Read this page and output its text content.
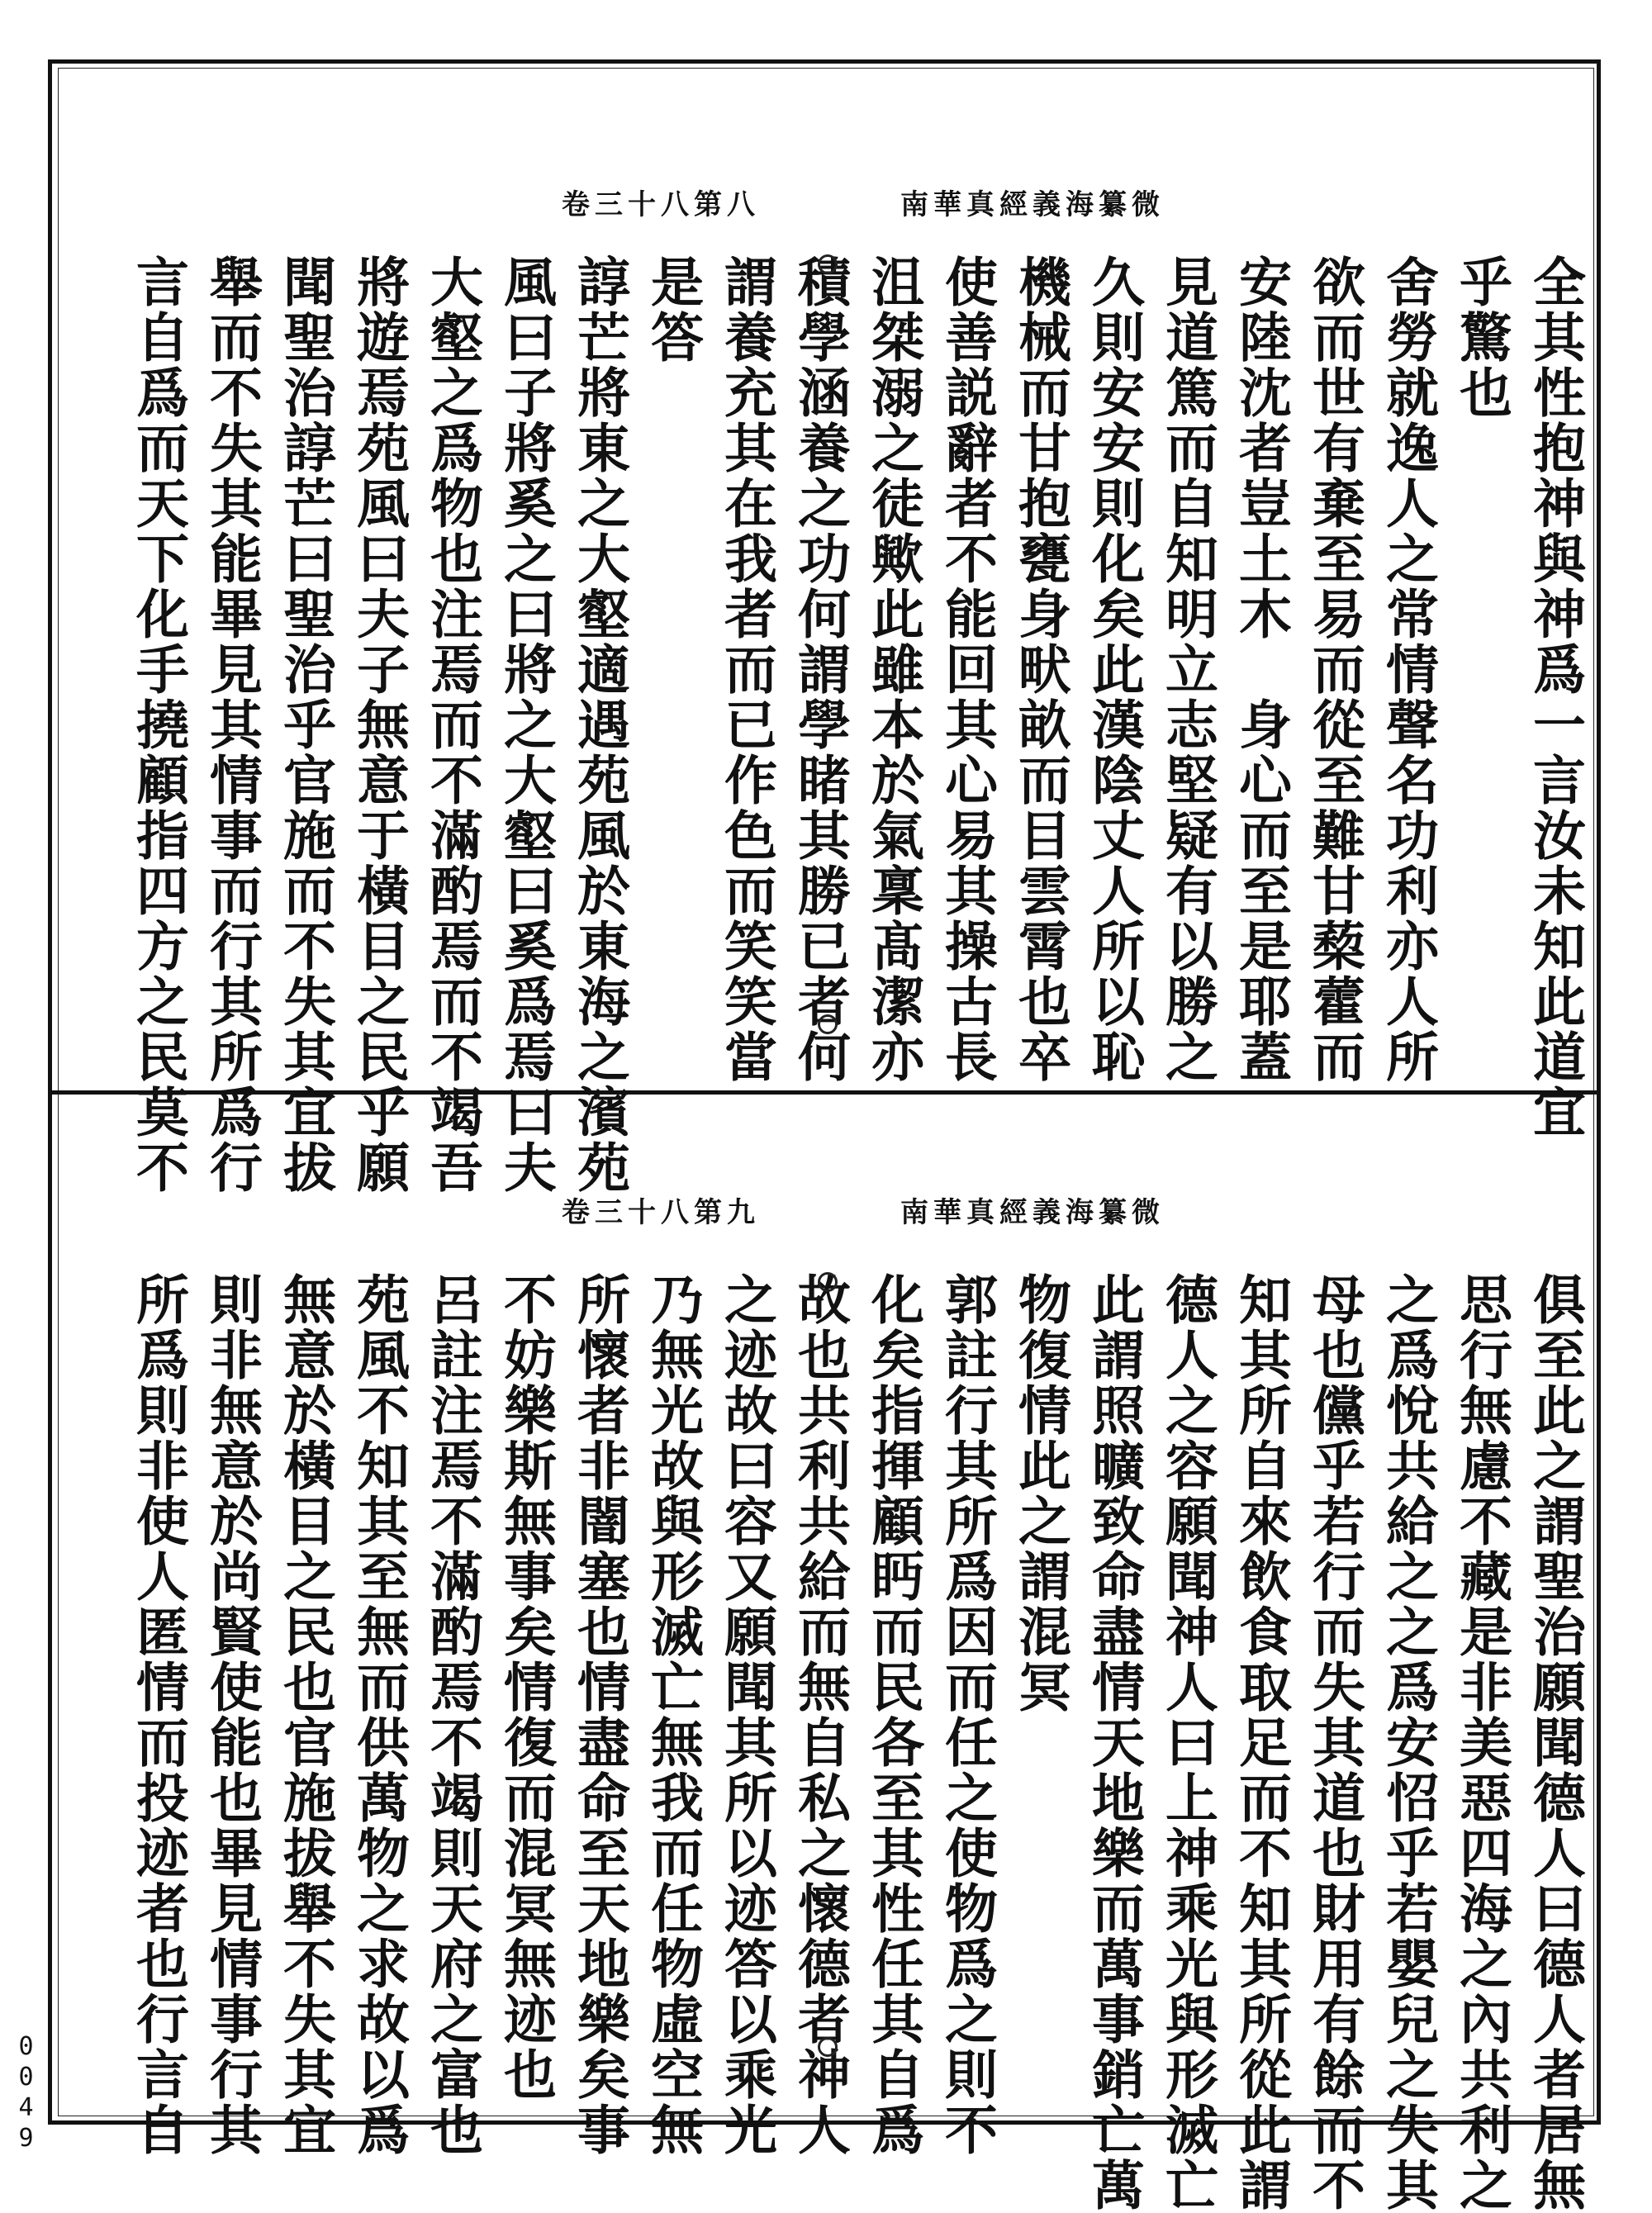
南華真經義海纂微
卷三十八第八
全其性抱神與神爲一言汝未知此道宜
乎驚也
舍勞就逸人之常情聲名功利亦人所
欲而世有棄至易而從至難甘蔾藿而
安陸沈者豈土木　身心而至是耶蓋
見道篤而自知明立志堅疑有以勝之
久則安安則化矣此漢陰丈人所以恥
機械而甘抱甕身畎畝而目雲霄也卒
使善説辭者不能回其心易其操古長
沮桀溺之徒歟此雖本於氣稟髙潔亦
積學涵養之功何謂學睹其勝已者何
謂養充其在我者而已作色而笑笑當
是答
諄芒將東之大壑適遇苑風於東海之濱苑
風曰子將奚之曰將之大壑曰奚爲焉曰夫
大壑之爲物也注焉而不滿酌焉而不竭吾
將遊焉苑風曰夫子無意于橫目之民乎願
聞聖治諄芒曰聖治乎官施而不失其宜拔
舉而不失其能畢見其情事而行其所爲行
言自爲而天下化手撓顧指四方之民莫不
南華真經義海纂微
卷三十八第九
俱至此之謂聖治願聞德人曰德人者居無
思行無慮不藏是非美惡四海之內共利之
之爲悅共給之之爲安怊乎若嬰兒之失其
母也儻乎若行而失其道也財用有餘而不
知其所自來飲食取足而不知其所從此謂
德人之容願聞神人曰上神乘光與形滅亡
此謂照曠致命盡情天地樂而萬事銷亡萬
物復情此之謂混冥
郭註行其所爲因而任之使物爲之則不
化矣指揮顧眄而民各至其性任其自爲
故也共利共給而無自私之懷德者神人
之迹故曰容又願聞其所以迹答以乘光
乃無光故與形滅亡無我而任物虛空無
所懷者非闇塞也情盡命至天地樂矣事
不妨樂斯無事矣情復而混冥無迹也
呂註注焉不滿酌焉不竭則天府之富也
苑風不知其至無而供萬物之求故以爲
無意於橫目之民也官施拔舉不失其宜
則非無意於尚賢使能也畢見情事行其
所爲則非使人匿情而投迹者也行言自
0049
